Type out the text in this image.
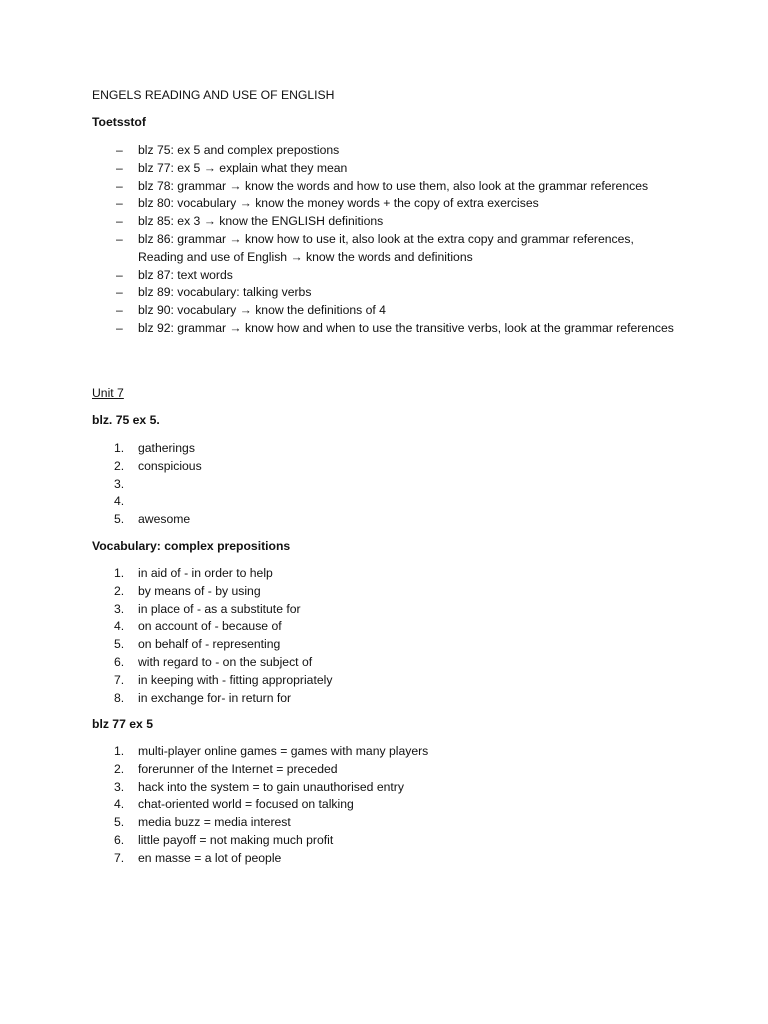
ENGELS READING AND USE OF ENGLISH
Toetsstof
– blz 75: ex 5 and complex prepostions
– blz 77: ex 5 → explain what they mean
– blz 78: grammar → know the words and how to use them, also look at the grammar references
– blz 80: vocabulary → know the money words + the copy of extra exercises
– blz 85: ex 3 → know the ENGLISH definitions
– blz 86: grammar → know how to use it, also look at the extra copy and grammar references, Reading and use of English → know the words and definitions
– blz 87: text words
– blz 89: vocabulary: talking verbs
– blz 90: vocabulary → know the definitions of 4
– blz 92: grammar → know how and when to use the transitive verbs, look at the grammar references
Unit 7
blz. 75 ex 5.
1. gatherings
2. conspicious
3.
4.
5. awesome
Vocabulary: complex prepositions
1. in aid of - in order to help
2. by means of - by using
3. in place of - as a substitute for
4. on account of - because of
5. on behalf of - representing
6. with regard to - on the subject of
7. in keeping with - fitting appropriately
8. in exchange for- in return for
blz 77 ex 5
1. multi-player online games = games with many players
2. forerunner of the Internet = preceded
3. hack into the system = to gain unauthorised entry
4. chat-oriented world = focused on talking
5. media buzz = media interest
6. little payoff = not making much profit
7. en masse = a lot of people
